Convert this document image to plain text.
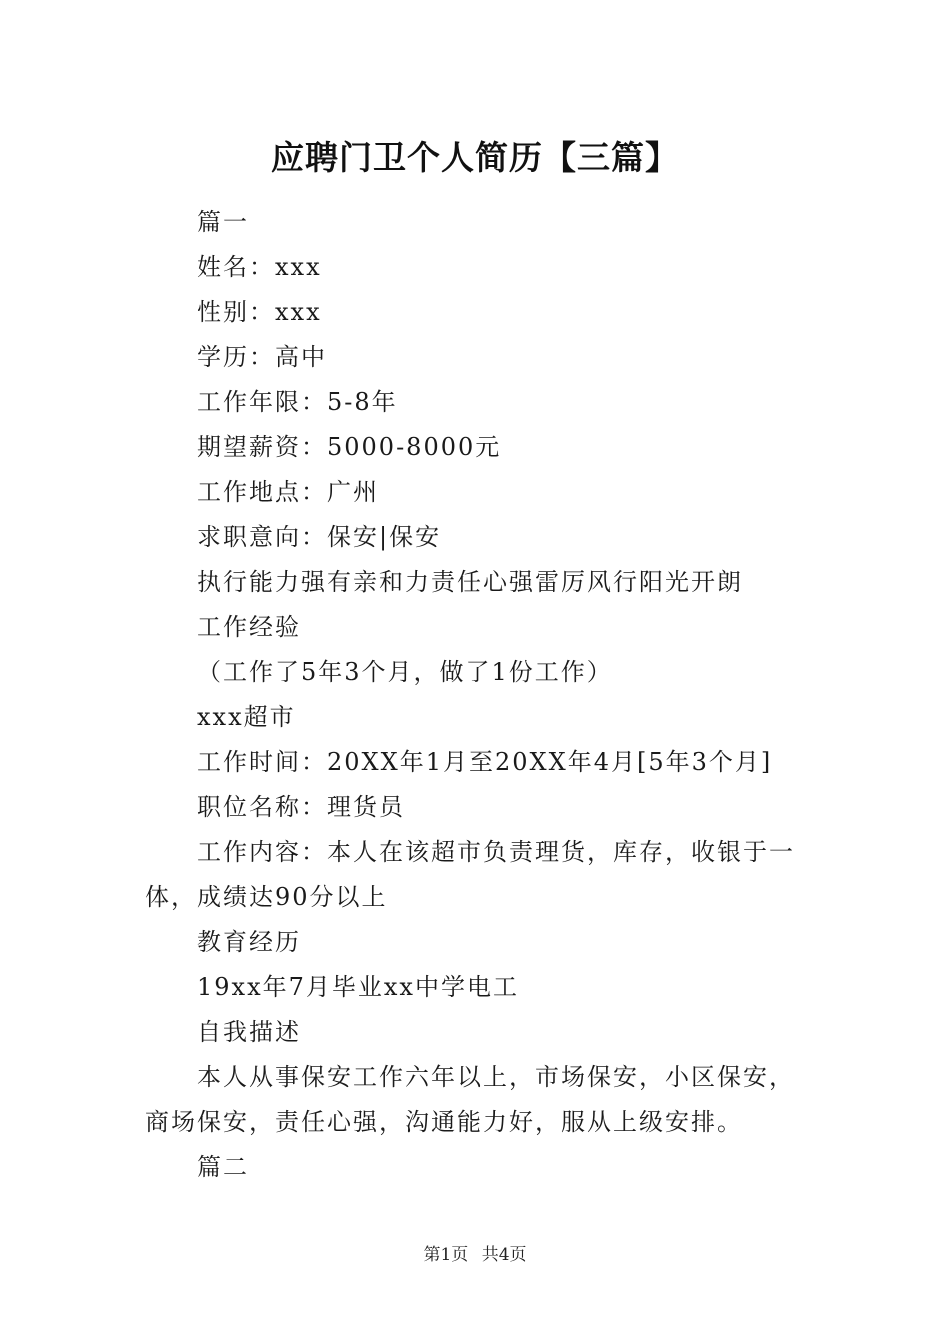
应聘门卫个人简历【三篇】

篇一

姓名：xxx

性别：xxx

学历：高中

工作年限：5-8年

期望薪资：5000-8000元

工作地点：广州

求职意向：保安|保安

执行能力强有亲和力责任心强雷厉风行阳光开朗

工作经验

（工作了5年3个月，做了1份工作）

xxx超市

工作时间：20XX年1月至20XX年4月[5年3个月]

职位名称：理货员

工作内容：本人在该超市负责理货，库存，收银于一体，成绩达90分以上

教育经历

19xx年7月毕业xx中学电工

自我描述

本人从事保安工作六年以上，市场保安，小区保安，商场保安，责任心强，沟通能力好，服从上级安排。

篇二

第1页 共4页
